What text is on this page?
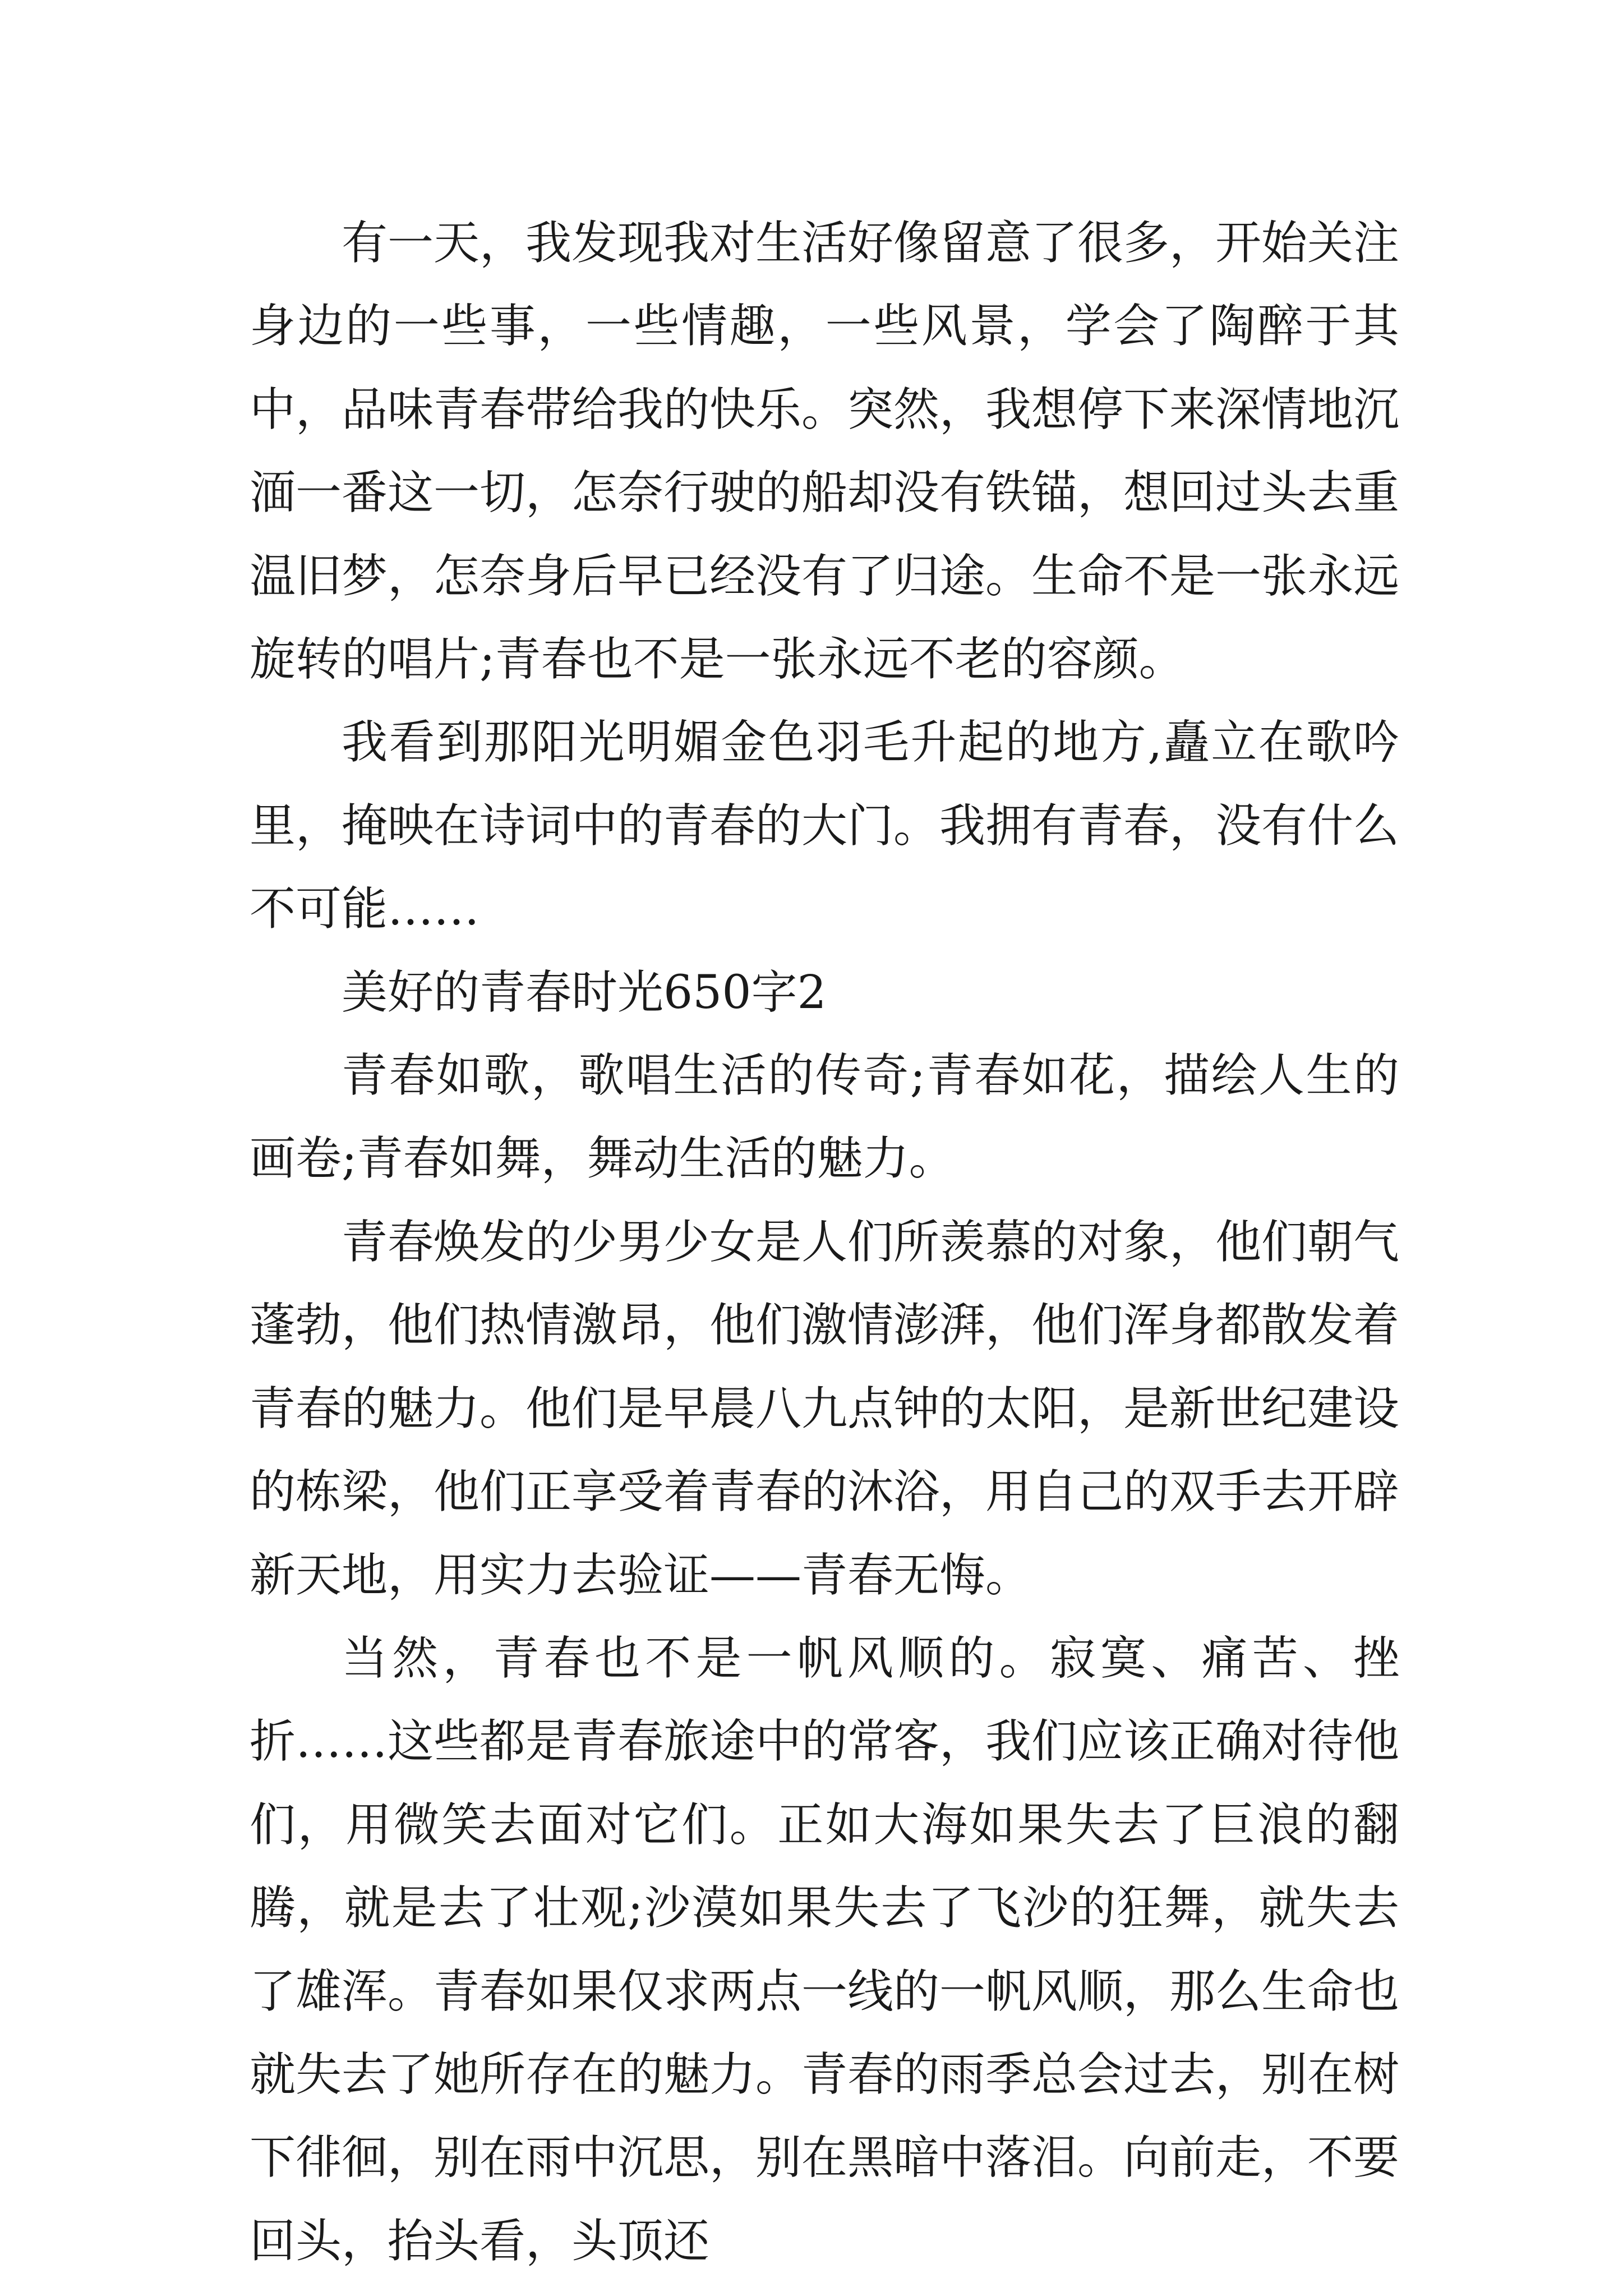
有一天，我发现我对生活好像留意了很多，开始关注身边的一些事，一些情趣，一些风景，学会了陶醉于其中，品味青春带给我的快乐。突然，我想停下来深情地沉湎一番这一切，怎奈行驶的船却没有铁锚，想回过头去重温旧梦，怎奈身后早已经没有了归途。生命不是一张永远旋转的唱片;青春也不是一张永远不老的容颜。

我看到那阳光明媚金色羽毛升起的地方,矗立在歌吟里，掩映在诗词中的青春的大门。我拥有青春，没有什么不可能……

美好的青春时光650字2

青春如歌，歌唱生活的传奇;青春如花，描绘人生的画卷;青春如舞，舞动生活的魅力。

青春焕发的少男少女是人们所羡慕的对象，他们朝气蓬勃，他们热情激昂，他们激情澎湃，他们浑身都散发着青春的魅力。他们是早晨八九点钟的太阳，是新世纪建设的栋梁，他们正享受着青春的沐浴，用自己的双手去开辟新天地，用实力去验证——青春无悔。

当然，青春也不是一帆风顺的。寂寞、痛苦、挫折……这些都是青春旅途中的常客，我们应该正确对待他们，用微笑去面对它们。正如大海如果失去了巨浪的翻腾，就是去了壮观;沙漠如果失去了飞沙的狂舞，就失去了雄浑。青春如果仅求两点一线的一帆风顺，那么生命也就失去了她所存在的魅力。青春的雨季总会过去，别在树下徘徊，别在雨中沉思，别在黑暗中落泪。向前走，不要回头，抬头看，头顶还
